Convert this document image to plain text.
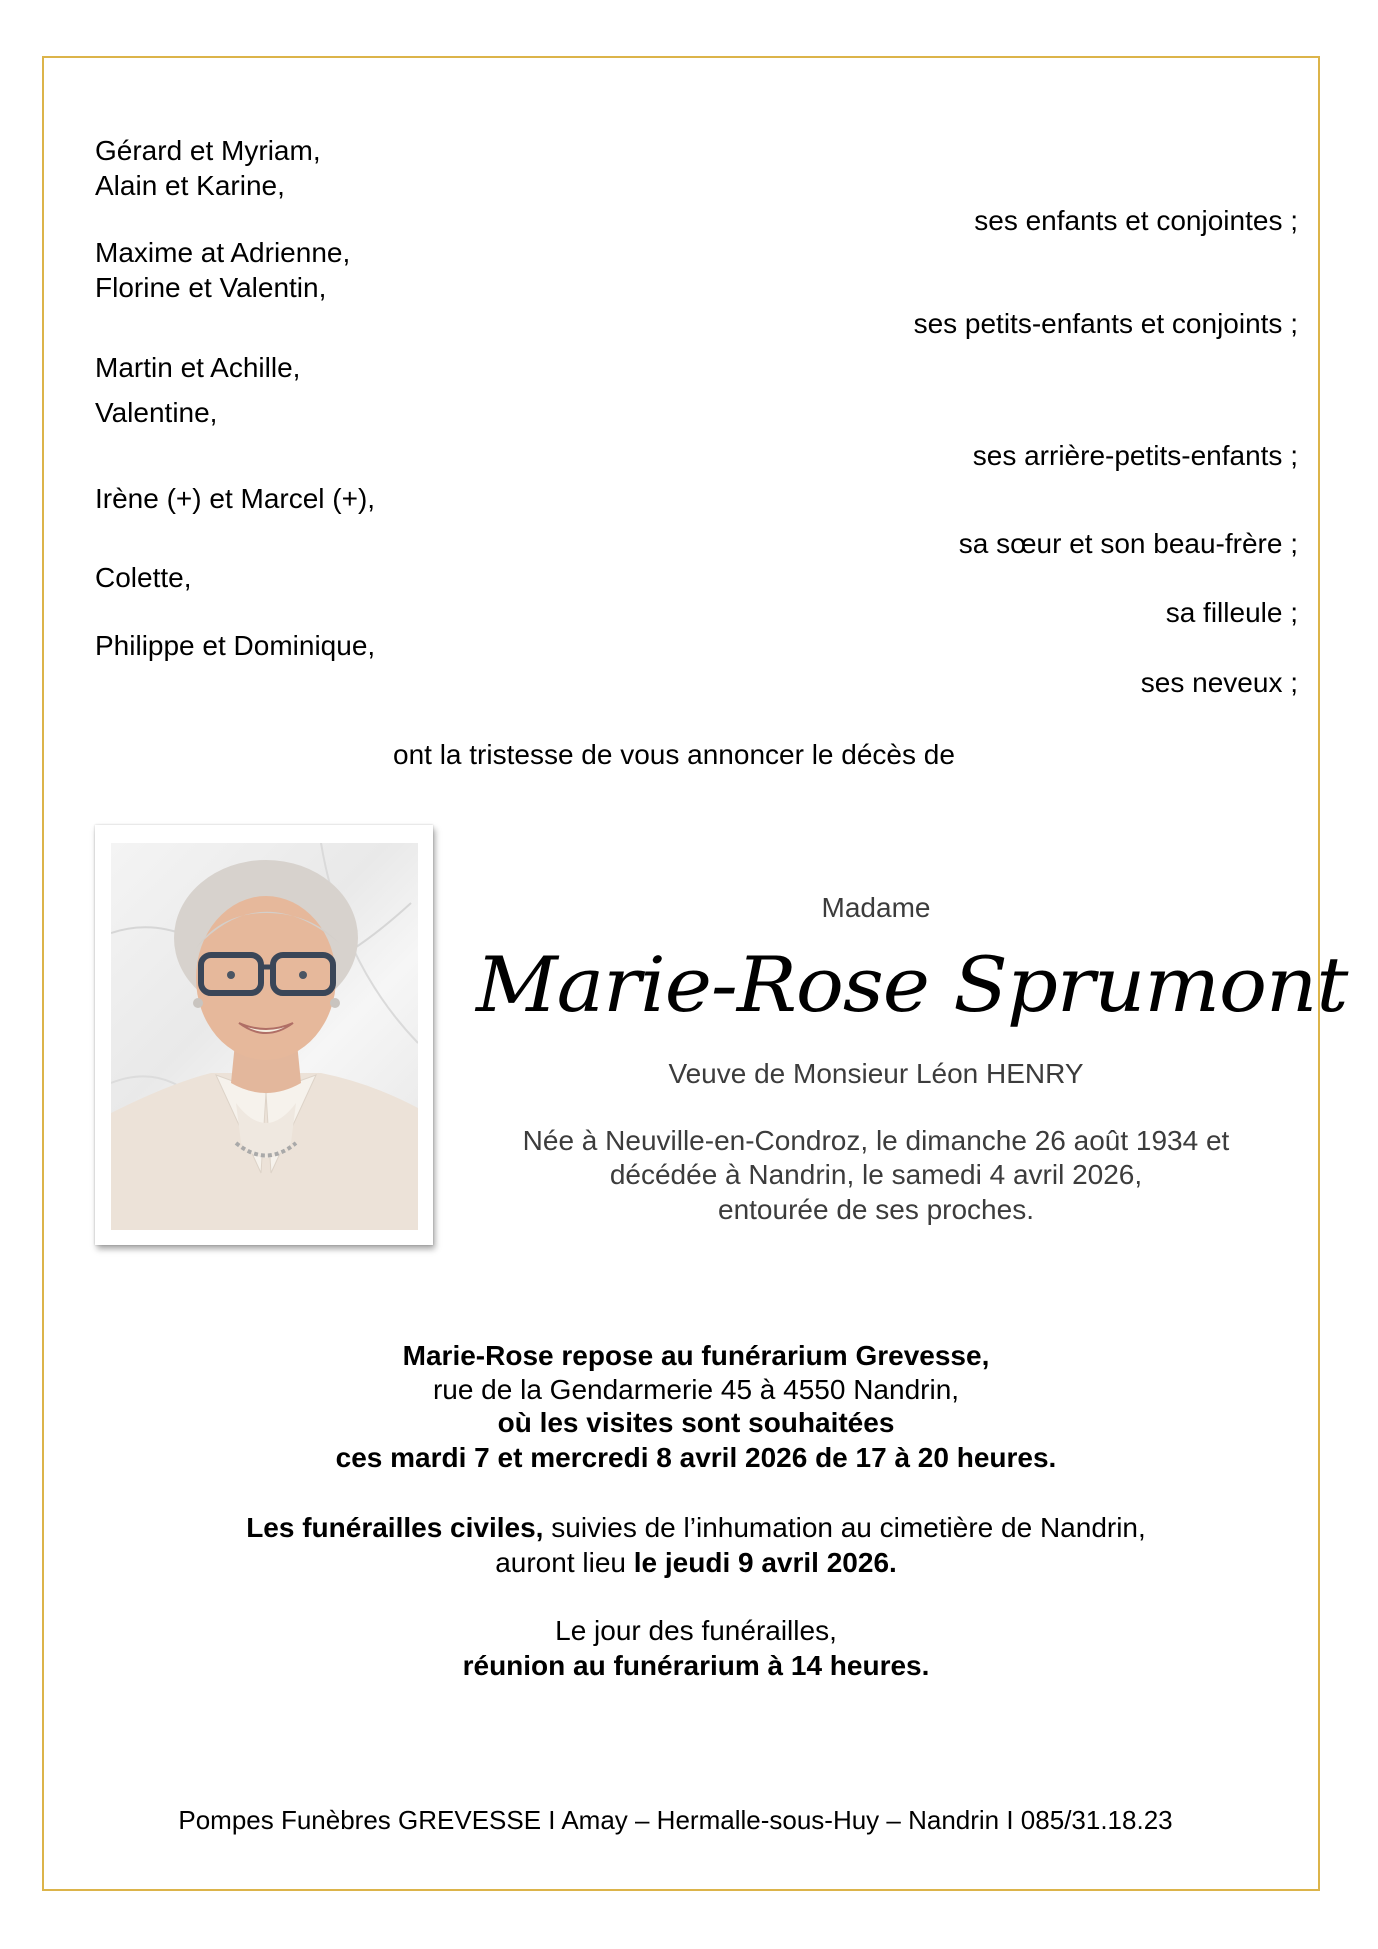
Gérard et Myriam,
Alain et Karine,
ses enfants et conjointes ;
Maxime at Adrienne,
Florine et Valentin,
ses petits-enfants et conjoints ;
Martin et Achille,
Valentine,
ses arrière-petits-enfants ;
Irène (+) et Marcel (+),
sa sœur et son beau-frère ;
Colette,
sa filleule ;
Philippe et Dominique,
ses neveux ;
ont la tristesse de vous annoncer le décès de
Madame
Marie-Rose Sprumont
Veuve de Monsieur Léon HENRY
Née à Neuville-en-Condroz, le dimanche 26 août 1934 et
décédée à Nandrin, le samedi 4 avril 2026,
entourée de ses proches.
Marie-Rose repose au funérarium Grevesse,
rue de la Gendarmerie 45 à 4550 Nandrin,
où les visites sont souhaitées
ces mardi 7 et mercredi 8 avril 2026 de 17 à 20 heures.
Les funérailles civiles, suivies de l’inhumation au cimetière de Nandrin,
auront lieu le jeudi 9 avril 2026.
Le jour des funérailles,
réunion au funérarium à 14 heures.
Pompes Funèbres GREVESSE I Amay – Hermalle-sous-Huy – Nandrin I 085/31.18.23
